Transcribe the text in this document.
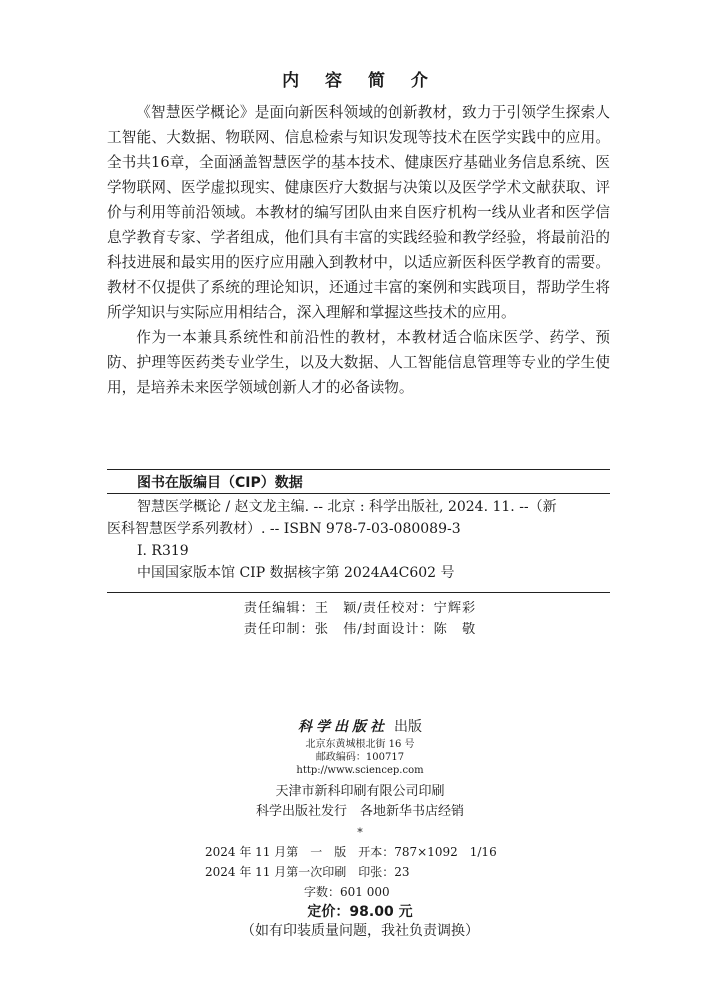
内 容 简 介

《智慧医学概论》是面向新医科领域的创新教材，致力于引领学生探索人工智能、大数据、物联网、信息检索与知识发现等技术在医学实践中的应用。全书共16章，全面涵盖智慧医学的基本技术、健康医疗基础业务信息系统、医学物联网、医学虚拟现实、健康医疗大数据与决策以及医学学术文献获取、评价与利用等前沿领域。本教材的编写团队由来自医疗机构一线从业者和医学信息学教育专家、学者组成，他们具有丰富的实践经验和教学经验，将最前沿的科技进展和最实用的医疗应用融入到教材中，以适应新医科医学教育的需要。教材不仅提供了系统的理论知识，还通过丰富的案例和实践项目，帮助学生将所学知识与实际应用相结合，深入理解和掌握这些技术的应用。

作为一本兼具系统性和前沿性的教材，本教材适合临床医学、药学、预防、护理等医药类专业学生，以及大数据、人工智能信息管理等专业的学生使用，是培养未来医学领域创新人才的必备读物。

图书在版编目（CIP）数据
智慧医学概论 / 赵文龙主编. -- 北京 : 科学出版社, 2024. 11. --（新
医科智慧医学系列教材）. -- ISBN 978-7-03-080089-3
Ⅰ. R319
中国国家版本馆 CIP 数据核字第 2024A4C602 号
责任编辑：王　颖/责任校对：宁辉彩
责任印制：张　伟/封面设计：陈　敬
科学出版社 出版
北京东黄城根北街 16 号
邮政编码：100717
http://www.sciencep.com
天津市新科印刷有限公司印刷
科学出版社发行　各地新华书店经销
*
2024 年 11 月第　一　版　开本：787×1092　1/16
2024 年 11 月第一次印刷　印张：23
字数：601 000
定价：98.00 元
（如有印装质量问题，我社负责调换）
